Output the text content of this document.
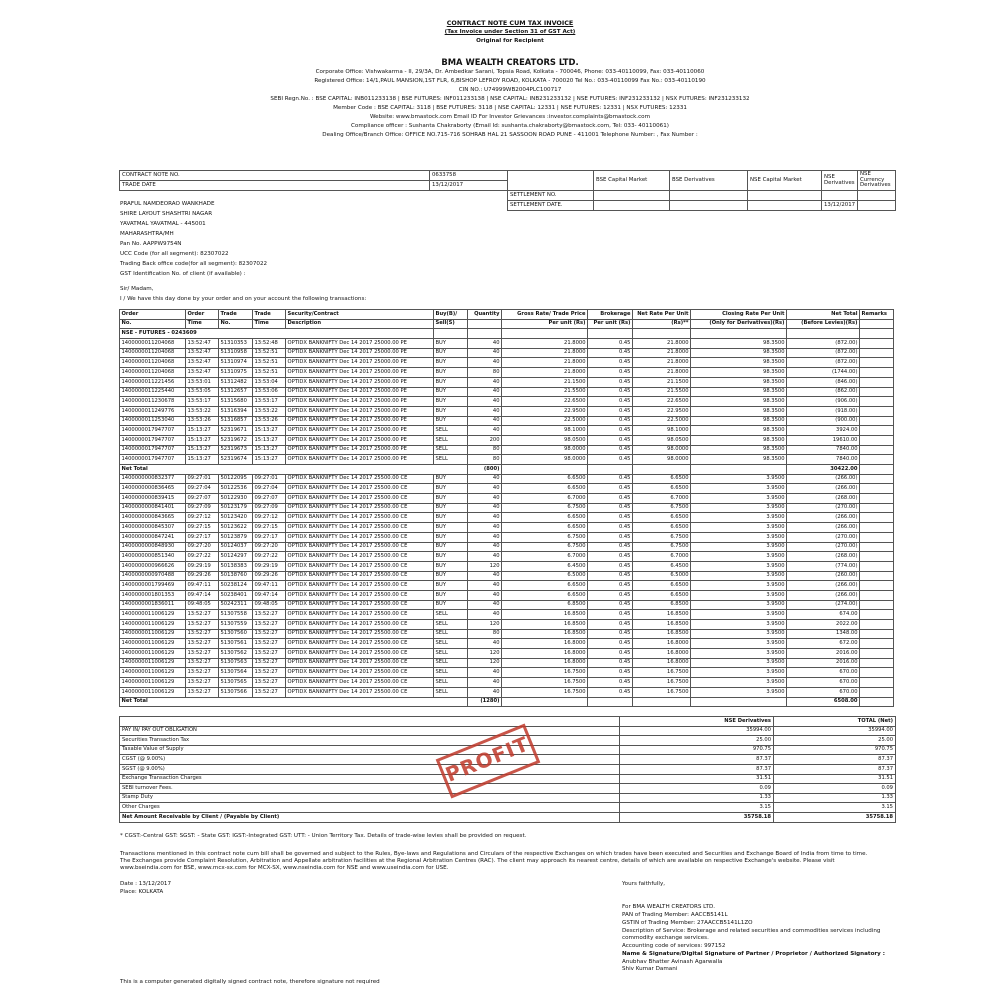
CONTRACT NOTE CUM TAX INVOICE
(Tax Invoice under Section 31 of GST Act)
Original for Recipient
BMA WEALTH CREATORS LTD.
Corporate Office: Vishwakarma - II, 29/3A, Dr. Ambedkar Sarani, Topsia Road, Kolkata - 700046, Phone: 033-40110099, Fax: 033-40110060
Registered Office: 14/1,PAUL MANSION,1ST FLR, 6,BISHOP LEFROY ROAD, KOLKATA - 700020 Tel No.: 033-40110099 Fax No.: 033-40110190
CIN NO.: U74999WB2004PLC100717
SEBI Regn.No. : BSE CAPITAL: INB011233138 | BSE FUTURES: INF011233138 | NSE CAPITAL: INB231233132 | NSE FUTURES: INF231233132 | NSX FUTURES: INF231233132
Member Code : BSE CAPITAL: 3118 | BSE FUTURES: 3118 | NSE CAPITAL: 12331 | NSE FUTURES: 12331 | NSX FUTURES: 12331
Website: www.bmastock.com Email ID For Investor Grievances :investor.complaints@bmastock.com
Compliance officer : Sushanta Chakraborty (Email Id: sushanta.chakraborty@bmastock.com, Tel: 033- 40110061)
Dealing Office/Branch Office: OFFICE NO.715-716 SOHRAB HAL 21 SASSOON ROAD PUNE - 411001 Telephone Number: , Fax Number :
CONTRACT NOTE NO.	0633758		BSE Capital Market	BSE Derivatives	NSE Capital Market	NSE Derivatives	NSE Currency Derivatives
TRADE DATE	13/12/2017						
		SETTLEMENT NO.					
		SETTLEMENT DATE.				13/12/2017	
PRAFUL NAMDEORAO WANKHADE
SHIRE LAYOUT SHASHTRI NAGAR
YAVATMAL YAVATMAL - 445001
MAHARASHTRA/MH
Pan No. AAPPW9754N
UCC Code (for all segment): 82307022
Trading Back office code(for all segment): 82307022
GST Identification No. of client (if available) :
Sir/ Madam,
I / We have this day done by your order and on your account the following transactions:
Order	Order	Trade	Trade	Security/Contract	Buy(B)/	Quantity	Gross Rate/ Trade Price	Brokerage	Net Rate Per Unit	Closing Rate Per Unit	Net Total	Remarks
No.	Time	No.	Time	Description	Sell(S)		Per unit (Rs)	Per unit (Rs)	(Rs)**	(Only for Derivatives)(Rs)	(Before Levies)(Rs)	
NSE - FUTURES - 0243609												
1400000011204068	13:52:47	51310353	13:52:48	OPTIDX BANKNIFTY Dec 14 2017 25000.00 PE	BUY	40	21.8000	0.45	21.8000	98.3500	(872.00)	
1400000011204068	13:52:47	51310958	13:52:51	OPTIDX BANKNIFTY Dec 14 2017 25000.00 PE	BUY	40	21.8000	0.45	21.8000	98.3500	(872.00)	
1400000011204068	13:52:47	51310974	13:52:51	OPTIDX BANKNIFTY Dec 14 2017 25000.00 PE	BUY	40	21.8000	0.45	21.8000	98.3500	(872.00)	
1400000011204068	13:52:47	51310975	13:52:51	OPTIDX BANKNIFTY Dec 14 2017 25000.00 PE	BUY	80	21.8000	0.45	21.8000	98.3500	(1744.00)	
1400000011221456	13:53:01	51312482	13:53:04	OPTIDX BANKNIFTY Dec 14 2017 25000.00 PE	BUY	40	21.1500	0.45	21.1500	98.3500	(846.00)	
1400000011225440	13:53:05	51312657	13:53:06	OPTIDX BANKNIFTY Dec 14 2017 25000.00 PE	BUY	40	21.5500	0.45	21.5500	98.3500	(862.00)	
1400000011230678	13:53:17	51315680	13:53:17	OPTIDX BANKNIFTY Dec 14 2017 25000.00 PE	BUY	40	22.6500	0.45	22.6500	98.3500	(906.00)	
1400000011249776	13:53:22	51316394	13:53:22	OPTIDX BANKNIFTY Dec 14 2017 25000.00 PE	BUY	40	22.9500	0.45	22.9500	98.3500	(918.00)	
1400000011253040	13:53:26	51316857	13:53:26	OPTIDX BANKNIFTY Dec 14 2017 25000.00 PE	BUY	40	22.5000	0.45	22.5000	98.3500	(900.00)	
1400000017947707	15:13:27	52319671	15:13:27	OPTIDX BANKNIFTY Dec 14 2017 25000.00 PE	SELL	40	98.1000	0.45	98.1000	98.3500	3924.00	
1400000017947707	15:13:27	52319672	15:13:27	OPTIDX BANKNIFTY Dec 14 2017 25000.00 PE	SELL	200	98.0500	0.45	98.0500	98.3500	19610.00	
1400000017947707	15:13:27	52319673	15:13:27	OPTIDX BANKNIFTY Dec 14 2017 25000.00 PE	SELL	80	98.0000	0.45	98.0000	98.3500	7840.00	
1400000017947707	15:13:27	52319674	15:13:27	OPTIDX BANKNIFTY Dec 14 2017 25000.00 PE	SELL	80	98.0000	0.45	98.0000	98.3500	7840.00	
Net Total						(800)					30422.00	
1400000000832377	09:27:01	50122095	09:27:01	OPTIDX BANKNIFTY Dec 14 2017 25500.00 CE	BUY	40	6.6500	0.45	6.6500	3.9500	(266.00)	
1400000000836465	09:27:04	50122536	09:27:04	OPTIDX BANKNIFTY Dec 14 2017 25500.00 CE	BUY	40	6.6500	0.45	6.6500	3.9500	(266.00)	
1400000000839415	09:27:07	50122930	09:27:07	OPTIDX BANKNIFTY Dec 14 2017 25500.00 CE	BUY	40	6.7000	0.45	6.7000	3.9500	(268.00)	
1400000000841401	09:27:09	50123179	09:27:09	OPTIDX BANKNIFTY Dec 14 2017 25500.00 CE	BUY	40	6.7500	0.45	6.7500	3.9500	(270.00)	
1400000000843665	09:27:12	50123420	09:27:12	OPTIDX BANKNIFTY Dec 14 2017 25500.00 CE	BUY	40	6.6500	0.45	6.6500	3.9500	(266.00)	
1400000000845307	09:27:15	50123622	09:27:15	OPTIDX BANKNIFTY Dec 14 2017 25500.00 CE	BUY	40	6.6500	0.45	6.6500	3.9500	(266.00)	
1400000000847241	09:27:17	50123879	09:27:17	OPTIDX BANKNIFTY Dec 14 2017 25500.00 CE	BUY	40	6.7500	0.45	6.7500	3.9500	(270.00)	
1400000000848930	09:27:20	50124037	09:27:20	OPTIDX BANKNIFTY Dec 14 2017 25500.00 CE	BUY	40	6.7500	0.45	6.7500	3.9500	(270.00)	
1400000000851340	09:27:22	50124297	09:27:22	OPTIDX BANKNIFTY Dec 14 2017 25500.00 CE	BUY	40	6.7000	0.45	6.7000	3.9500	(268.00)	
1400000000966626	09:29:19	50138383	09:29:19	OPTIDX BANKNIFTY Dec 14 2017 25500.00 CE	BUY	120	6.4500	0.45	6.4500	3.9500	(774.00)	
1400000000970488	09:29:26	50138760	09:29:26	OPTIDX BANKNIFTY Dec 14 2017 25500.00 CE	BUY	40	6.5000	0.45	6.5000	3.9500	(260.00)	
1400000001799469	09:47:11	50238124	09:47:11	OPTIDX BANKNIFTY Dec 14 2017 25500.00 CE	BUY	40	6.6500	0.45	6.6500	3.9500	(266.00)	
1400000001801353	09:47:14	50238401	09:47:14	OPTIDX BANKNIFTY Dec 14 2017 25500.00 CE	BUY	40	6.6500	0.45	6.6500	3.9500	(266.00)	
1400000001836011	09:48:05	50242311	09:48:05	OPTIDX BANKNIFTY Dec 14 2017 25500.00 CE	BUY	40	6.8500	0.45	6.8500	3.9500	(274.00)	
1400000011006129	13:52:27	51307558	13:52:27	OPTIDX BANKNIFTY Dec 14 2017 25500.00 CE	SELL	40	16.8500	0.45	16.8500	3.9500	674.00	
1400000011006129	13:52:27	51307559	13:52:27	OPTIDX BANKNIFTY Dec 14 2017 25500.00 CE	SELL	120	16.8500	0.45	16.8500	3.9500	2022.00	
1400000011006129	13:52:27	51307560	13:52:27	OPTIDX BANKNIFTY Dec 14 2017 25500.00 CE	SELL	80	16.8500	0.45	16.8500	3.9500	1348.00	
1400000011006129	13:52:27	51307561	13:52:27	OPTIDX BANKNIFTY Dec 14 2017 25500.00 CE	SELL	40	16.8000	0.45	16.8000	3.9500	672.00	
1400000011006129	13:52:27	51307562	13:52:27	OPTIDX BANKNIFTY Dec 14 2017 25500.00 CE	SELL	120	16.8000	0.45	16.8000	3.9500	2016.00	
1400000011006129	13:52:27	51307563	13:52:27	OPTIDX BANKNIFTY Dec 14 2017 25500.00 CE	SELL	120	16.8000	0.45	16.8000	3.9500	2016.00	
1400000011006129	13:52:27	51307564	13:52:27	OPTIDX BANKNIFTY Dec 14 2017 25500.00 CE	SELL	40	16.7500	0.45	16.7500	3.9500	670.00	
1400000011006129	13:52:27	51307565	13:52:27	OPTIDX BANKNIFTY Dec 14 2017 25500.00 CE	SELL	40	16.7500	0.45	16.7500	3.9500	670.00	
1400000011006129	13:52:27	51307566	13:52:27	OPTIDX BANKNIFTY Dec 14 2017 25500.00 CE	SELL	40	16.7500	0.45	16.7500	3.9500	670.00	
Net Total						(1280)					6508.00	
	NSE Derivatives	TOTAL (Net)
PAY IN/ PAY OUT OBLIGATION	35994.00	35994.00
Securities Transaction Tax	25.00	25.00
Taxable Value of Supply	970.75	970.75
CGST (@ 9.00%)	87.37	87.37
SGST (@ 9.00%)	87.37	87.37
Exchange Transaction Charges	31.51	31.51
SEBI turnover Fees.	0.09	0.09
Stamp Duty	1.33	1.33
Other Charges	3.15	3.15
Net Amount Receivable by Client / (Payable by Client)	35758.18	35758.18
PROFIT
* CGST:-Central GST: SGST: - State GST: IGST:-Integrated GST: UTT: - Union Territory Tax. Details of trade-wise levies shall be provided on request.
Transactions mentioned in this contract note cum bill shall be governed and subject to the Rules, Bye-laws and Regulations and Circulars of the respective Exchanges on which trades have been executed and Securities and Exchange Board of India from time to time.
The Exchanges provide Complaint Resolution, Arbitration and Appellate arbitration facilities at the Regional Arbitration Centres (RAC). The client may approach its nearest centre, details of which are available on respective Exchange's website. Please visit
www.bseindia.com for BSE, www.mcx-sx.com for MCX-SX, www.nseindia.com for NSE and www.useindia.com for USE.
Date : 13/12/2017
Place: KOLKATA
Yours faithfully,
For BMA WEALTH CREATORS LTD.
PAN of Trading Member: AACCB5141L
GSTIN of Trading Member: 27AACCB5141L1ZO
Description of Service: Brokerage and related securities and commodities services including
commodity exchange services.
Accounting code of services: 997152
Name & Signature/Digital Signature of Partner / Proprietor / Authorized Signatory :
Anubhav Bhatter Avinash Agarwalla
Shiv Kumar Damani
This is a computer generated digitally signed contract note, therefore signature not required
